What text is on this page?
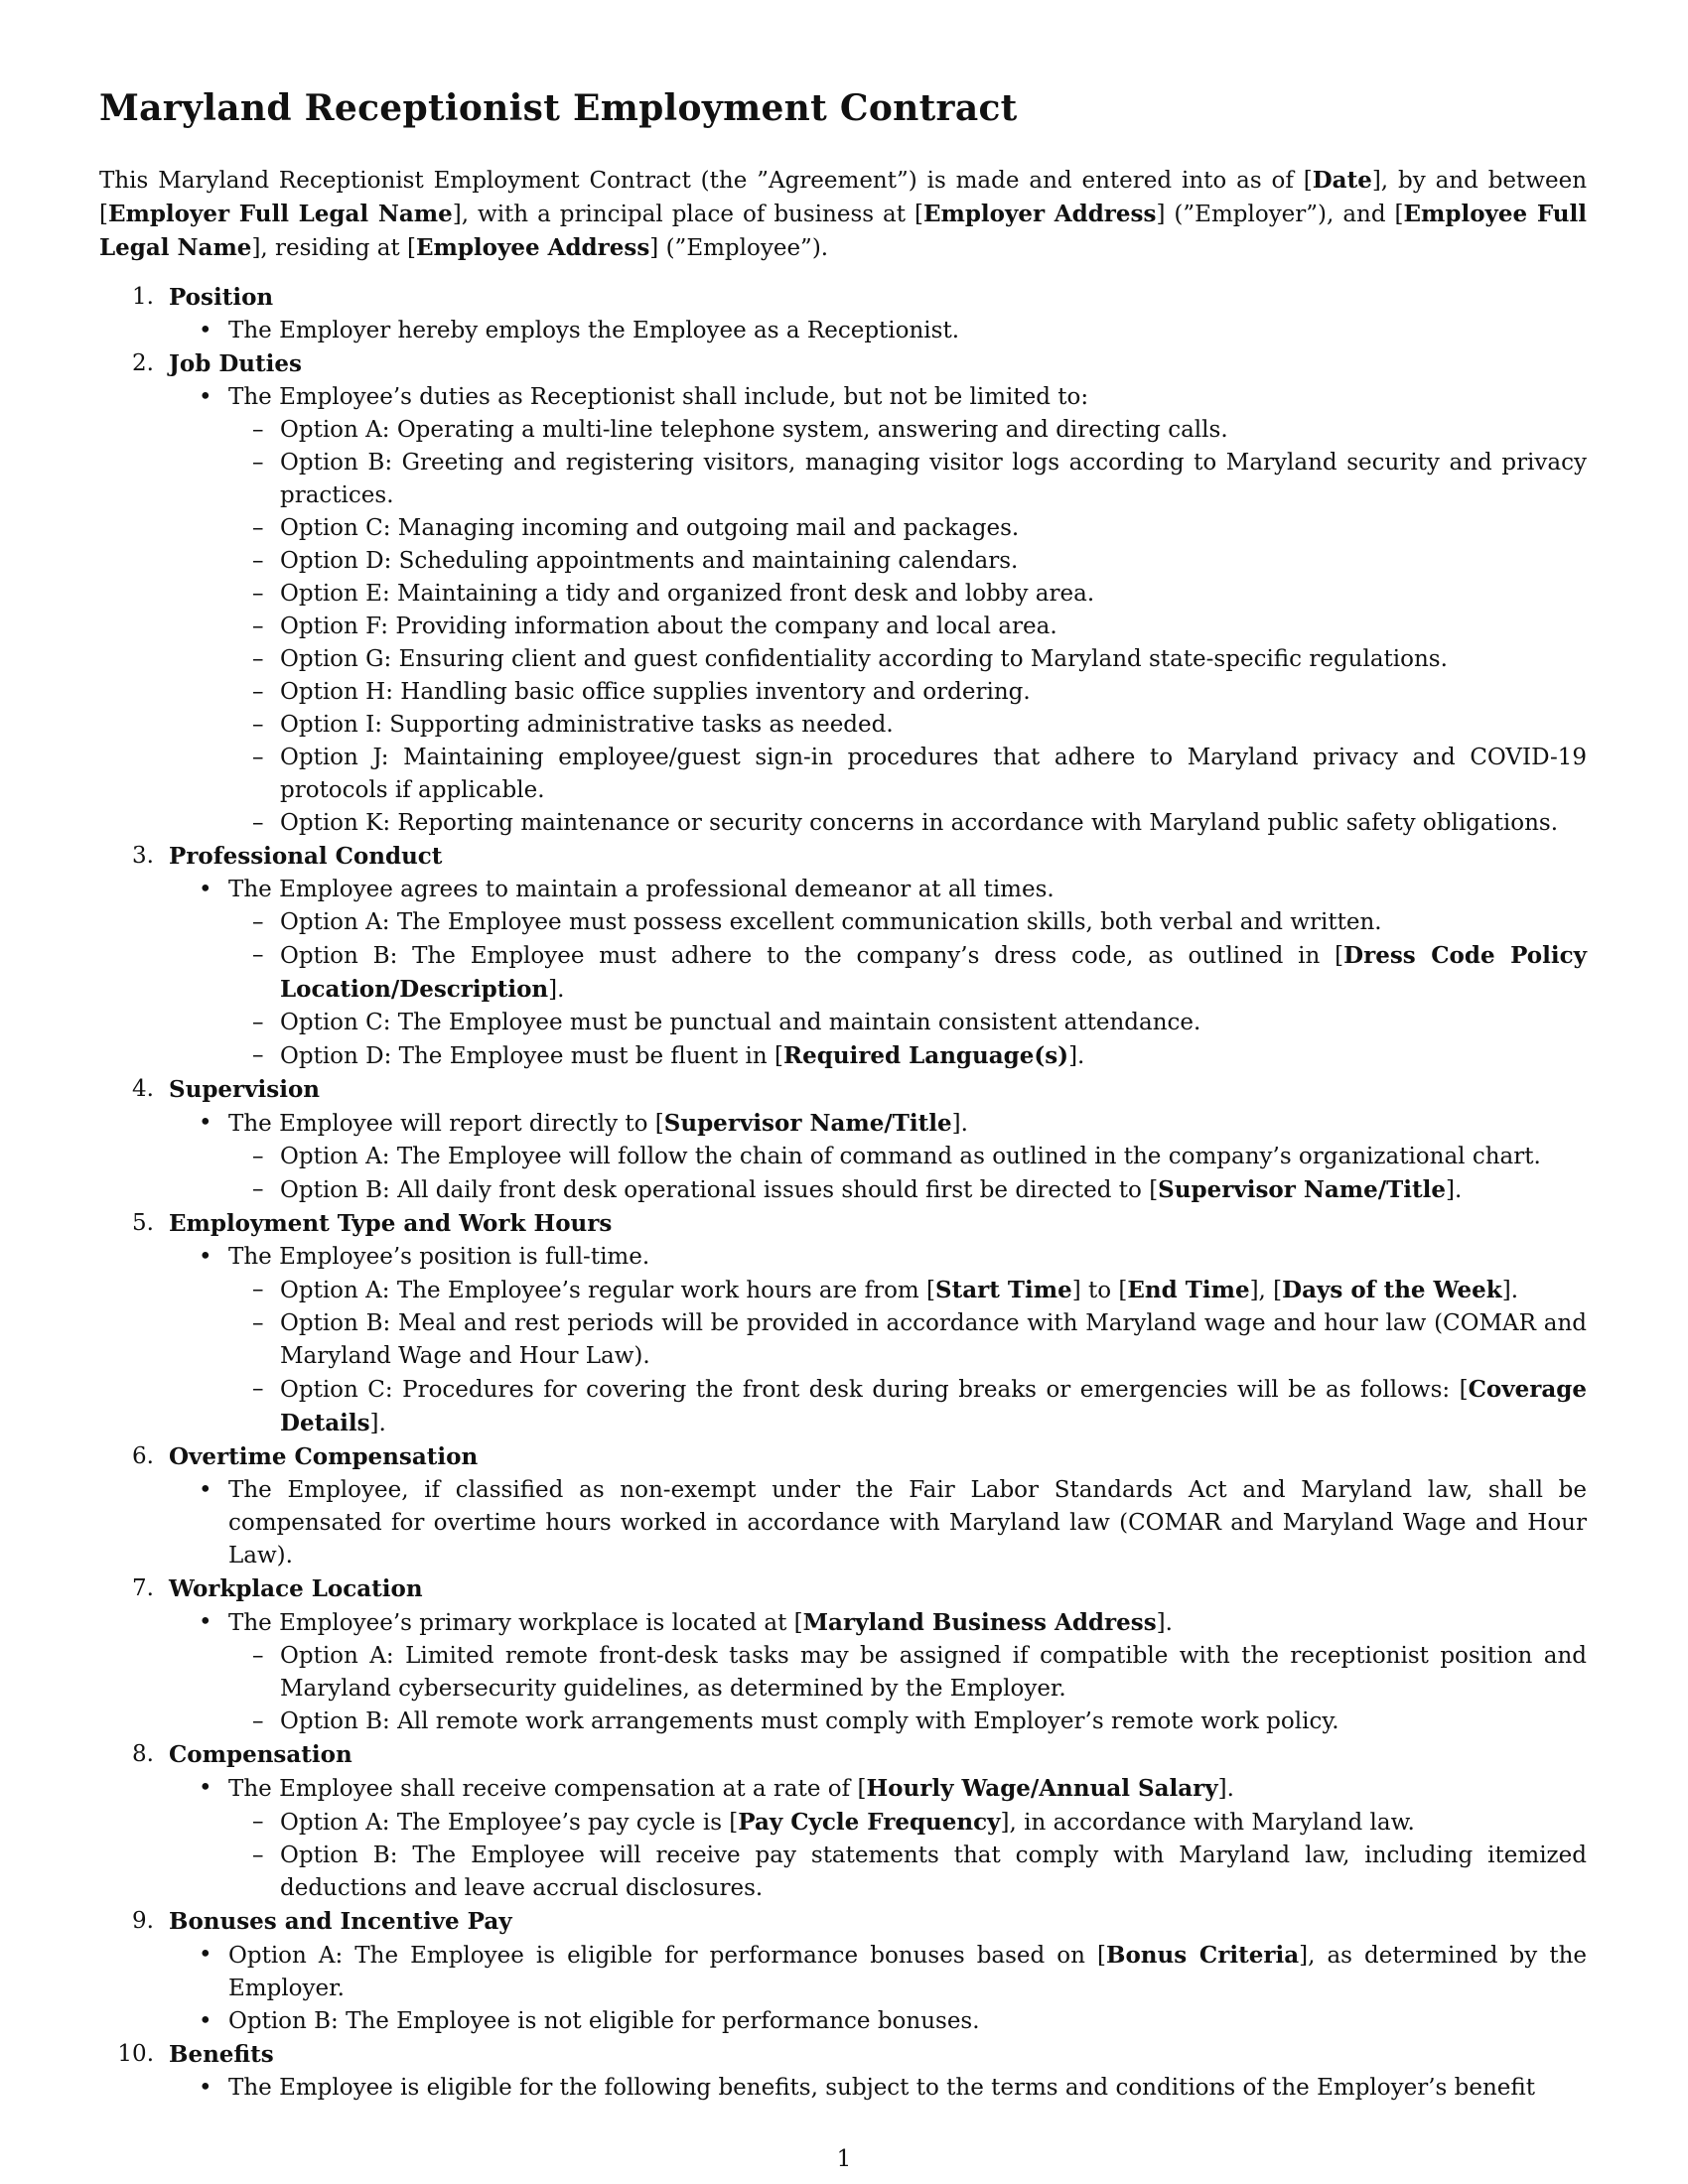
Maryland Receptionist Employment Contract

This Maryland Receptionist Employment Contract (the ”Agreement”) is made and entered into as of [Date], by and between [Employer Full Legal Name], with a principal place of business at [Employer Address] (”Employer”), and [Employee Full Legal Name], residing at [Employee Address] (”Employee”).

1. Position
• The Employer hereby employs the Employee as a Receptionist.
2. Job Duties
• The Employee’s duties as Receptionist shall include, but not be limited to:
– Option A: Operating a multi-line telephone system, answering and directing calls.
– Option B: Greeting and registering visitors, managing visitor logs according to Maryland security and privacy practices.
– Option C: Managing incoming and outgoing mail and packages.
– Option D: Scheduling appointments and maintaining calendars.
– Option E: Maintaining a tidy and organized front desk and lobby area.
– Option F: Providing information about the company and local area.
– Option G: Ensuring client and guest confidentiality according to Maryland state-specific regulations.
– Option H: Handling basic office supplies inventory and ordering.
– Option I: Supporting administrative tasks as needed.
– Option J: Maintaining employee/guest sign-in procedures that adhere to Maryland privacy and COVID-19 protocols if applicable.
– Option K: Reporting maintenance or security concerns in accordance with Maryland public safety obligations.
3. Professional Conduct
• The Employee agrees to maintain a professional demeanor at all times.
– Option A: The Employee must possess excellent communication skills, both verbal and written.
– Option B: The Employee must adhere to the company’s dress code, as outlined in [Dress Code Policy Location/Description].
– Option C: The Employee must be punctual and maintain consistent attendance.
– Option D: The Employee must be fluent in [Required Language(s)].
4. Supervision
• The Employee will report directly to [Supervisor Name/Title].
– Option A: The Employee will follow the chain of command as outlined in the company’s organizational chart.
– Option B: All daily front desk operational issues should first be directed to [Supervisor Name/Title].
5. Employment Type and Work Hours
• The Employee’s position is full-time.
– Option A: The Employee’s regular work hours are from [Start Time] to [End Time], [Days of the Week].
– Option B: Meal and rest periods will be provided in accordance with Maryland wage and hour law (COMAR and Maryland Wage and Hour Law).
– Option C: Procedures for covering the front desk during breaks or emergencies will be as follows: [Coverage Details].
6. Overtime Compensation
• The Employee, if classified as non-exempt under the Fair Labor Standards Act and Maryland law, shall be compensated for overtime hours worked in accordance with Maryland law (COMAR and Maryland Wage and Hour Law).
7. Workplace Location
• The Employee’s primary workplace is located at [Maryland Business Address].
– Option A: Limited remote front-desk tasks may be assigned if compatible with the receptionist position and Maryland cybersecurity guidelines, as determined by the Employer.
– Option B: All remote work arrangements must comply with Employer’s remote work policy.
8. Compensation
• The Employee shall receive compensation at a rate of [Hourly Wage/Annual Salary].
– Option A: The Employee’s pay cycle is [Pay Cycle Frequency], in accordance with Maryland law.
– Option B: The Employee will receive pay statements that comply with Maryland law, including itemized deductions and leave accrual disclosures.
9. Bonuses and Incentive Pay
• Option A: The Employee is eligible for performance bonuses based on [Bonus Criteria], as determined by the Employer.
• Option B: The Employee is not eligible for performance bonuses.
10. Benefits
• The Employee is eligible for the following benefits, subject to the terms and conditions of the Employer’s benefit
1
